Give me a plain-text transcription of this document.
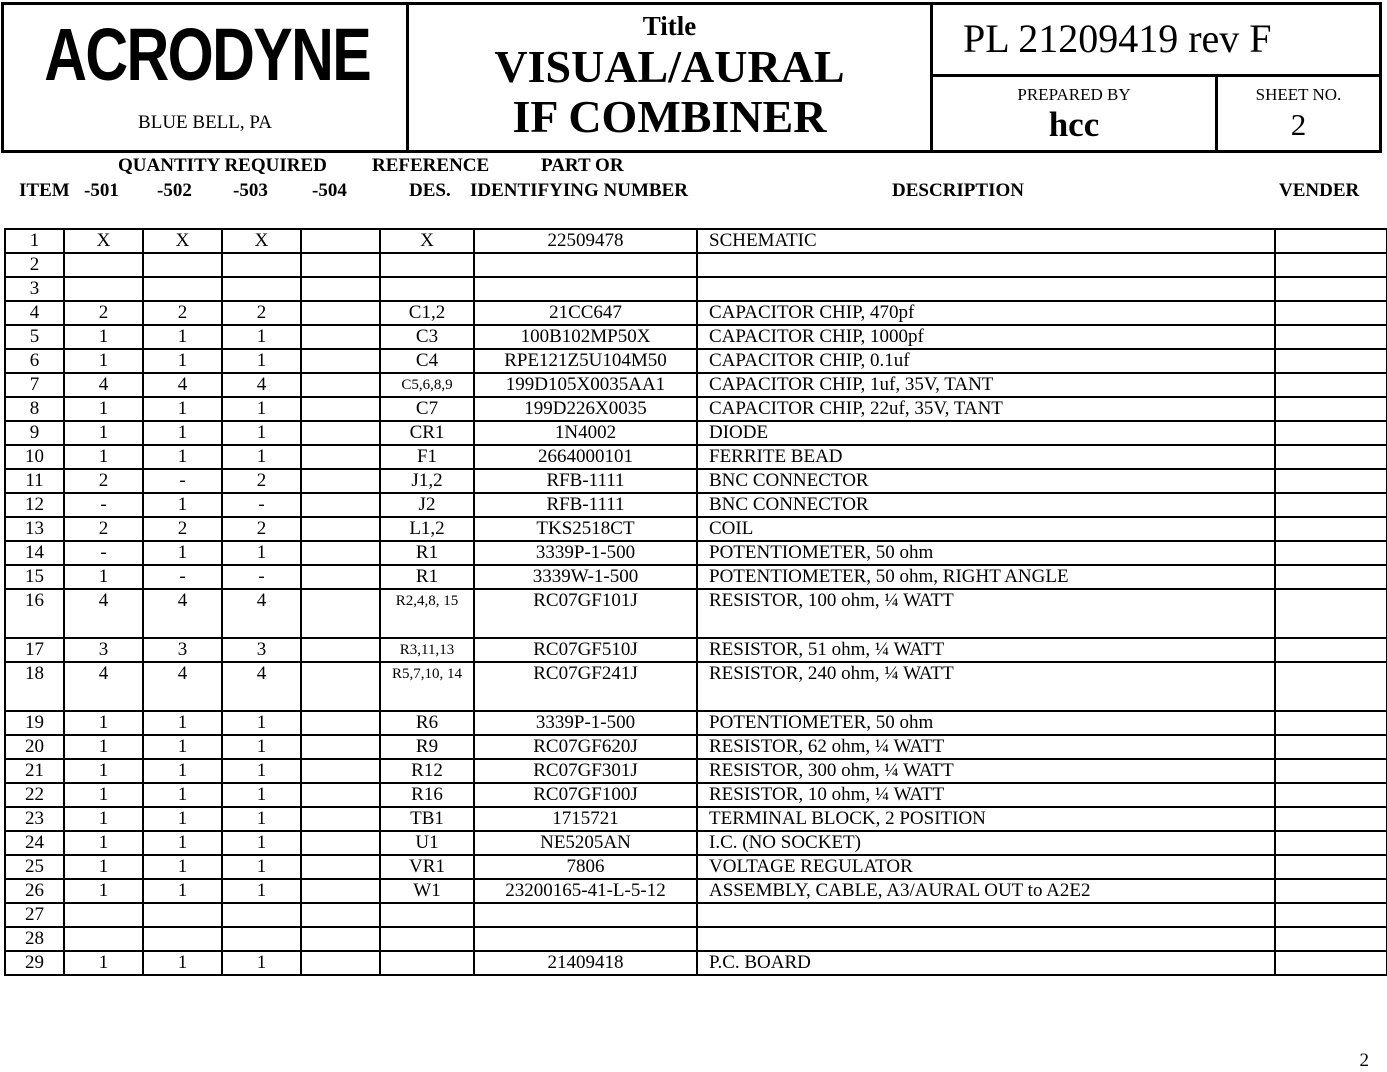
ACRODYNE
BLUE BELL, PA
Title
VISUAL/AURAL
IF COMBINER
PL 21209419 rev F
PREPARED BY
hcc
SHEET NO.
2
QUANTITY REQUIRED REFERENCE	PART OR
ITEM -501 -502 -503 -504	DES. IDENTIFYING NUMBER	DESCRIPTION	VENDER
1	X	X	X		X	22509478	SCHEMATIC	
2								
3								
4	2	2	2		C1,2	21CC647	CAPACITOR CHIP, 470pf	
5	1	1	1		C3	100B102MP50X	CAPACITOR CHIP, 1000pf	
6	1	1	1		C4	RPE121Z5U104M50	CAPACITOR CHIP, 0.1uf	
7	4	4	4		C5,6,8,9	199D105X0035AA1	CAPACITOR CHIP, 1uf, 35V, TANT	
8	1	1	1		C7	199D226X0035	CAPACITOR CHIP, 22uf, 35V, TANT	
9	1	1	1		CR1	1N4002	DIODE	
10	1	1	1		F1	2664000101	FERRITE BEAD	
11	2	-	2		J1,2	RFB-1111	BNC CONNECTOR	
12	-	1	-		J2	RFB-1111	BNC CONNECTOR	
13	2	2	2		L1,2	TKS2518CT	COIL	
14	-	1	1		R1	3339P-1-500	POTENTIOMETER, 50 ohm	
15	1	-	-		R1	3339W-1-500	POTENTIOMETER, 50 ohm, RIGHT ANGLE	
16	4	4	4		R2,4,8, 15	RC07GF101J	RESISTOR, 100 ohm, ¼ WATT	
17	3	3	3		R3,11,13	RC07GF510J	RESISTOR, 51 ohm, ¼ WATT	
18	4	4	4		R5,7,10, 14	RC07GF241J	RESISTOR, 240 ohm, ¼ WATT	
19	1	1	1		R6	3339P-1-500	POTENTIOMETER, 50 ohm	
20	1	1	1		R9	RC07GF620J	RESISTOR, 62 ohm, ¼ WATT	
21	1	1	1		R12	RC07GF301J	RESISTOR, 300 ohm, ¼ WATT	
22	1	1	1		R16	RC07GF100J	RESISTOR, 10 ohm, ¼ WATT	
23	1	1	1		TB1	1715721	TERMINAL BLOCK, 2 POSITION	
24	1	1	1		U1	NE5205AN	I.C. (NO SOCKET)	
25	1	1	1		VR1	7806	VOLTAGE REGULATOR	
26	1	1	1		W1	23200165-41-L-5-12	ASSEMBLY, CABLE, A3/AURAL OUT to A2E2	
27								
28								
29	1	1	1			21409418	P.C. BOARD	
2
